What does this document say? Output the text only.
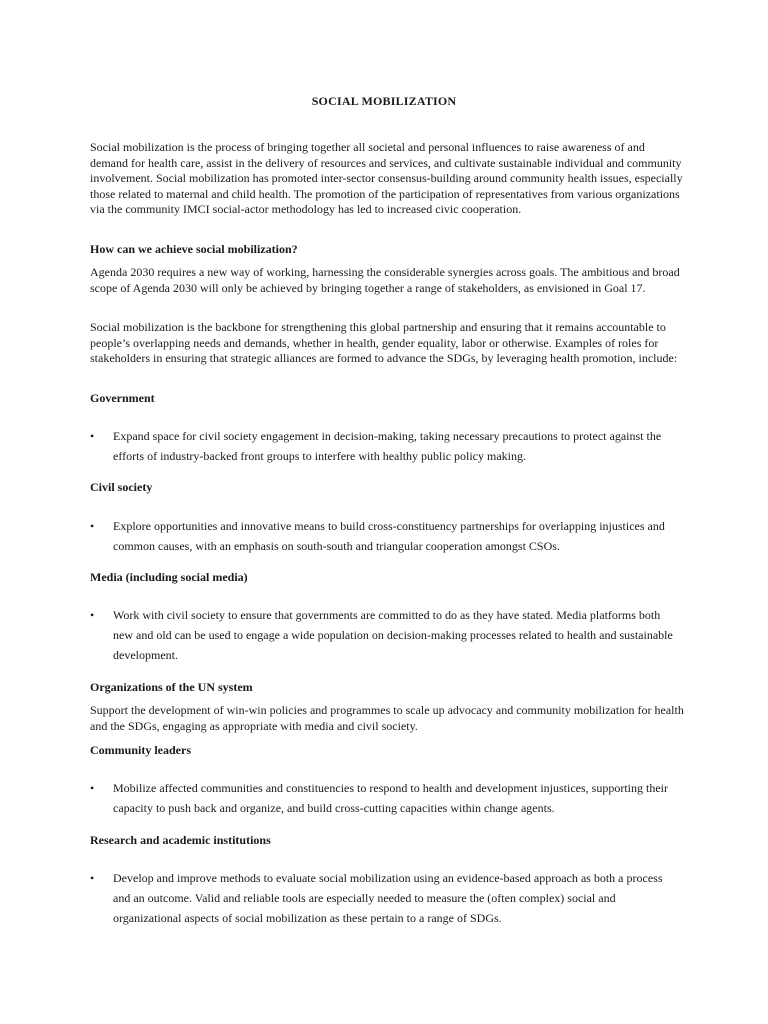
SOCIAL MOBILIZATION

Social mobilization is the process of bringing together all societal and personal influences to raise awareness of and demand for health care, assist in the delivery of resources and services, and cultivate sustainable individual and community involvement. Social mobilization has promoted inter-sector consensus-building around community health issues, especially those related to maternal and child health. The promotion of the participation of representatives from various organizations via the community IMCI social-actor methodology has led to increased civic cooperation.

How can we achieve social mobilization?

Agenda 2030 requires a new way of working, harnessing the considerable synergies across goals. The ambitious and broad scope of Agenda 2030 will only be achieved by bringing together a range of stakeholders, as envisioned in Goal 17.

Social mobilization is the backbone for strengthening this global partnership and ensuring that it remains accountable to people’s overlapping needs and demands, whether in health, gender equality, labor or otherwise. Examples of roles for stakeholders in ensuring that strategic alliances are formed to advance the SDGs, by leveraging health promotion, include:

Government
•	Expand space for civil society engagement in decision-making, taking necessary precautions to protect against the efforts of industry-backed front groups to interfere with healthy public policy making.
Civil society
•	Explore opportunities and innovative means to build cross-constituency partnerships for overlapping injustices and common causes, with an emphasis on south-south and triangular cooperation amongst CSOs.
Media (including social media)
•	Work with civil society to ensure that governments are committed to do as they have stated. Media platforms both new and old can be used to engage a wide population on decision-making processes related to health and sustainable development.
Organizations of the UN system

Support the development of win-win policies and programmes to scale up advocacy and community mobilization for health and the SDGs, engaging as appropriate with media and civil society.

Community leaders
•	Mobilize affected communities and constituencies to respond to health and development injustices, supporting their capacity to push back and organize, and build cross-cutting capacities within change agents.
Research and academic institutions
•	Develop and improve methods to evaluate social mobilization using an evidence-based approach as both a process and an outcome. Valid and reliable tools are especially needed to measure the (often complex) social and organizational aspects of social mobilization as these pertain to a range of SDGs.
